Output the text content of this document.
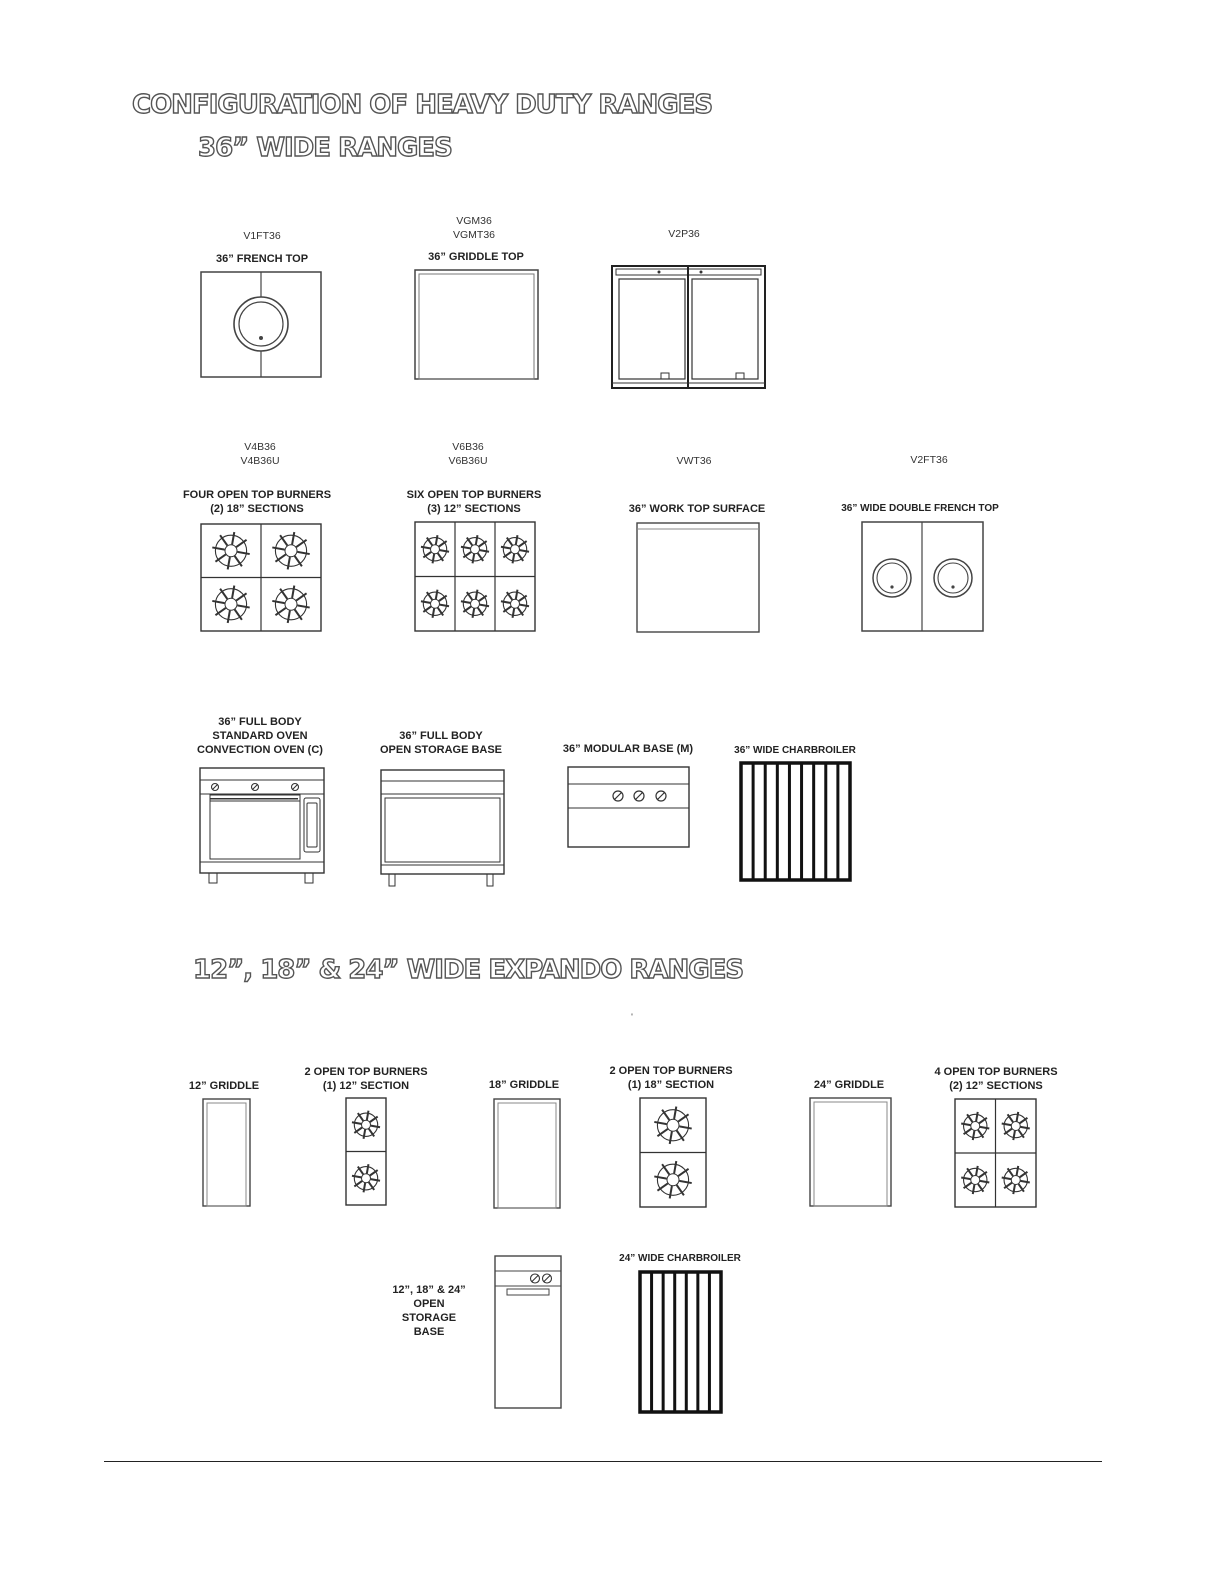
CONFIGURATION OF HEAVY DUTY RANGES
36” WIDE RANGES
12”, 18” & 24” WIDE EXPANDO RANGES
'
V1FT36
36” FRENCH TOP
VGM36
VGMT36
36” GRIDDLE TOP
V2P36
V4B36
V4B36U
FOUR OPEN TOP BURNERS
(2) 18” SECTIONS
V6B36
V6B36U
SIX OPEN TOP BURNERS
(3) 12” SECTIONS
VWT36
36” WORK TOP SURFACE
V2FT36
36” WIDE DOUBLE FRENCH TOP
36” FULL BODY
STANDARD OVEN
CONVECTION OVEN (C)
36” FULL BODY
OPEN STORAGE BASE	36” MODULAR BASE (M)	36” WIDE CHARBROILER
12” GRIDDLE
2 OPEN TOP BURNERS
(1) 12” SECTION	18” GRIDDLE
2 OPEN TOP BURNERS
(1) 18” SECTION	24” GRIDDLE
4 OPEN TOP BURNERS
(2) 12” SECTIONS
12”, 18” & 24”
OPEN
STORAGE
BASE
24” WIDE CHARBROILER
